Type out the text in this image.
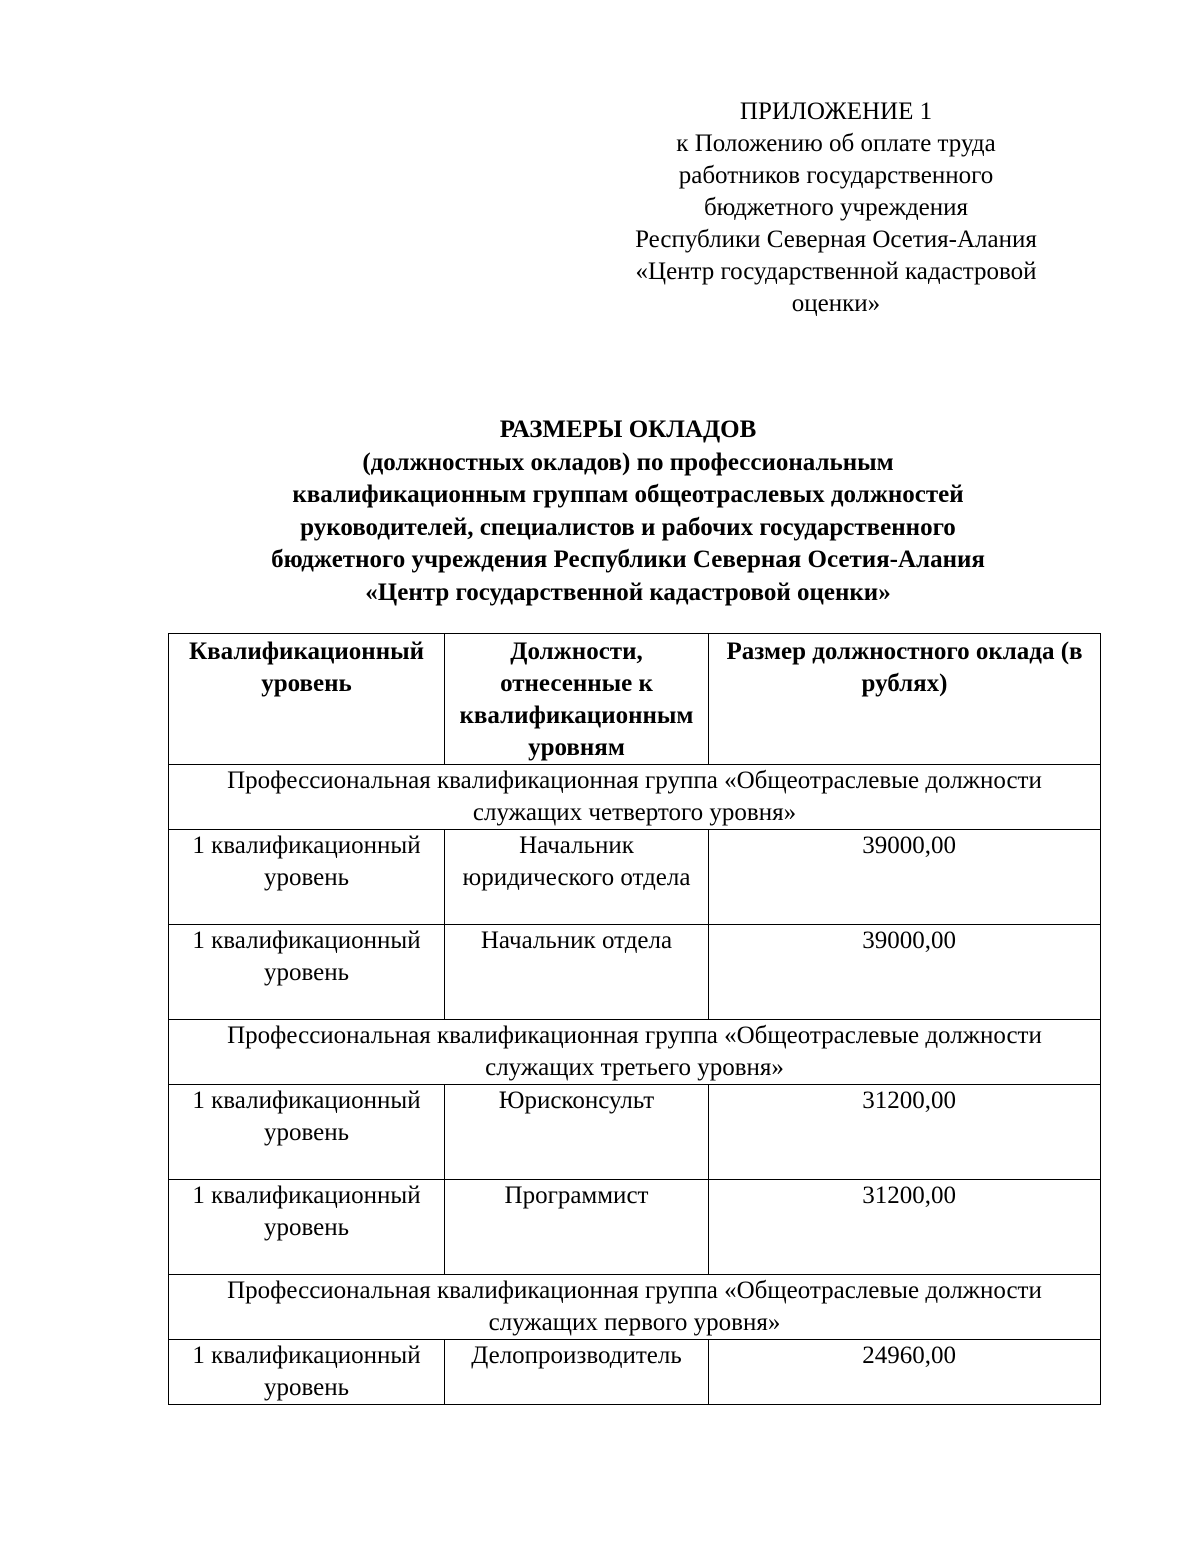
ПРИЛОЖЕНИЕ 1
к Положению об оплате труда
работников государственного
бюджетного учреждения
Республики Северная Осетия-Алания
«Центр государственной кадастровой
оценки»
РАЗМЕРЫ ОКЛАДОВ
(должностных окладов) по профессиональным
квалификационным группам общеотраслевых должностей
руководителей, специалистов и рабочих государственного
бюджетного учреждения Республики Северная Осетия-Алания
«Центр государственной кадастровой оценки»
Квалификационный уровень	Должности, отнесенные к квалификационным уровням	Размер должностного оклада (в рублях)
Профессиональная квалификационная группа «Общеотраслевые должности служащих четвертого уровня»		
1 квалификационный уровень	Начальник юридического отдела	39000,00
1 квалификационный уровень	Начальник отдела	39000,00
Профессиональная квалификационная группа «Общеотраслевые должности служащих третьего уровня»		
1 квалификационный уровень	Юрисконсульт	31200,00
1 квалификационный уровень	Программист	31200,00
Профессиональная квалификационная группа «Общеотраслевые должности служащих первого уровня»		
1 квалификационный уровень	Делопроизводитель	24960,00
